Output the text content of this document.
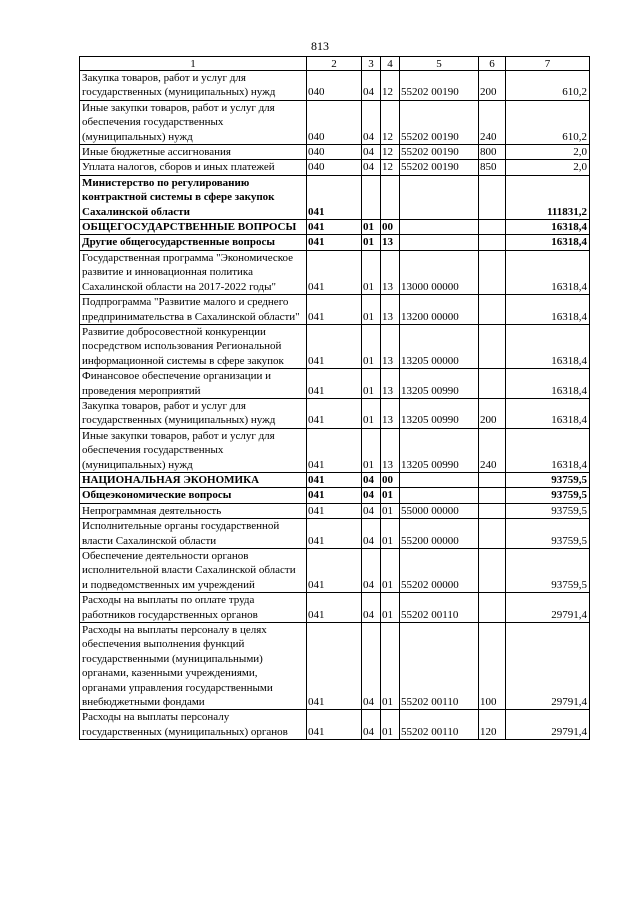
813
1	2	3	4	5	6	7
Закупка товаров, работ и услуг для государственных (муниципальных) нужд	040	04	12	55202 00190	200	610,2
Иные закупки товаров, работ и услуг для обеспечения государственных (муниципальных) нужд	040	04	12	55202 00190	240	610,2
Иные бюджетные ассигнования	040	04	12	55202 00190	800	2,0
Уплата налогов, сборов и иных платежей	040	04	12	55202 00190	850	2,0
Министерство по регулированию контрактной системы в сфере закупок Сахалинской области	041					111831,2
ОБЩЕГОСУДАРСТВЕННЫЕ ВОПРОСЫ	041	01	00			16318,4
Другие общегосударственные вопросы	041	01	13			16318,4
Государственная программа "Экономическое развитие и инновационная политика Сахалинской области на 2017-2022 годы"	041	01	13	13000 00000		16318,4
Подпрограмма "Развитие малого и среднего предпринимательства в Сахалинской области"	041	01	13	13200 00000		16318,4
Развитие добросовестной конкуренции посредством использования Региональной информационной системы в сфере закупок	041	01	13	13205 00000		16318,4
Финансовое обеспечение организации и проведения мероприятий	041	01	13	13205 00990		16318,4
Закупка товаров, работ и услуг для государственных (муниципальных) нужд	041	01	13	13205 00990	200	16318,4
Иные закупки товаров, работ и услуг для обеспечения государственных (муниципальных) нужд	041	01	13	13205 00990	240	16318,4
НАЦИОНАЛЬНАЯ ЭКОНОМИКА	041	04	00			93759,5
Общеэкономические вопросы	041	04	01			93759,5
Непрограммная деятельность	041	04	01	55000 00000		93759,5
Исполнительные органы государственной власти Сахалинской области	041	04	01	55200 00000		93759,5
Обеспечение деятельности органов исполнительной власти Сахалинской области и подведомственных им учреждений	041	04	01	55202 00000		93759,5
Расходы на выплаты по оплате труда работников государственных органов	041	04	01	55202 00110		29791,4
Расходы на выплаты персоналу в целях обеспечения выполнения функций государственными (муниципальными) органами, казенными учреждениями, органами управления государственными внебюджетными фондами	041	04	01	55202 00110	100	29791,4
Расходы на выплаты персоналу государственных (муниципальных) органов	041	04	01	55202 00110	120	29791,4
